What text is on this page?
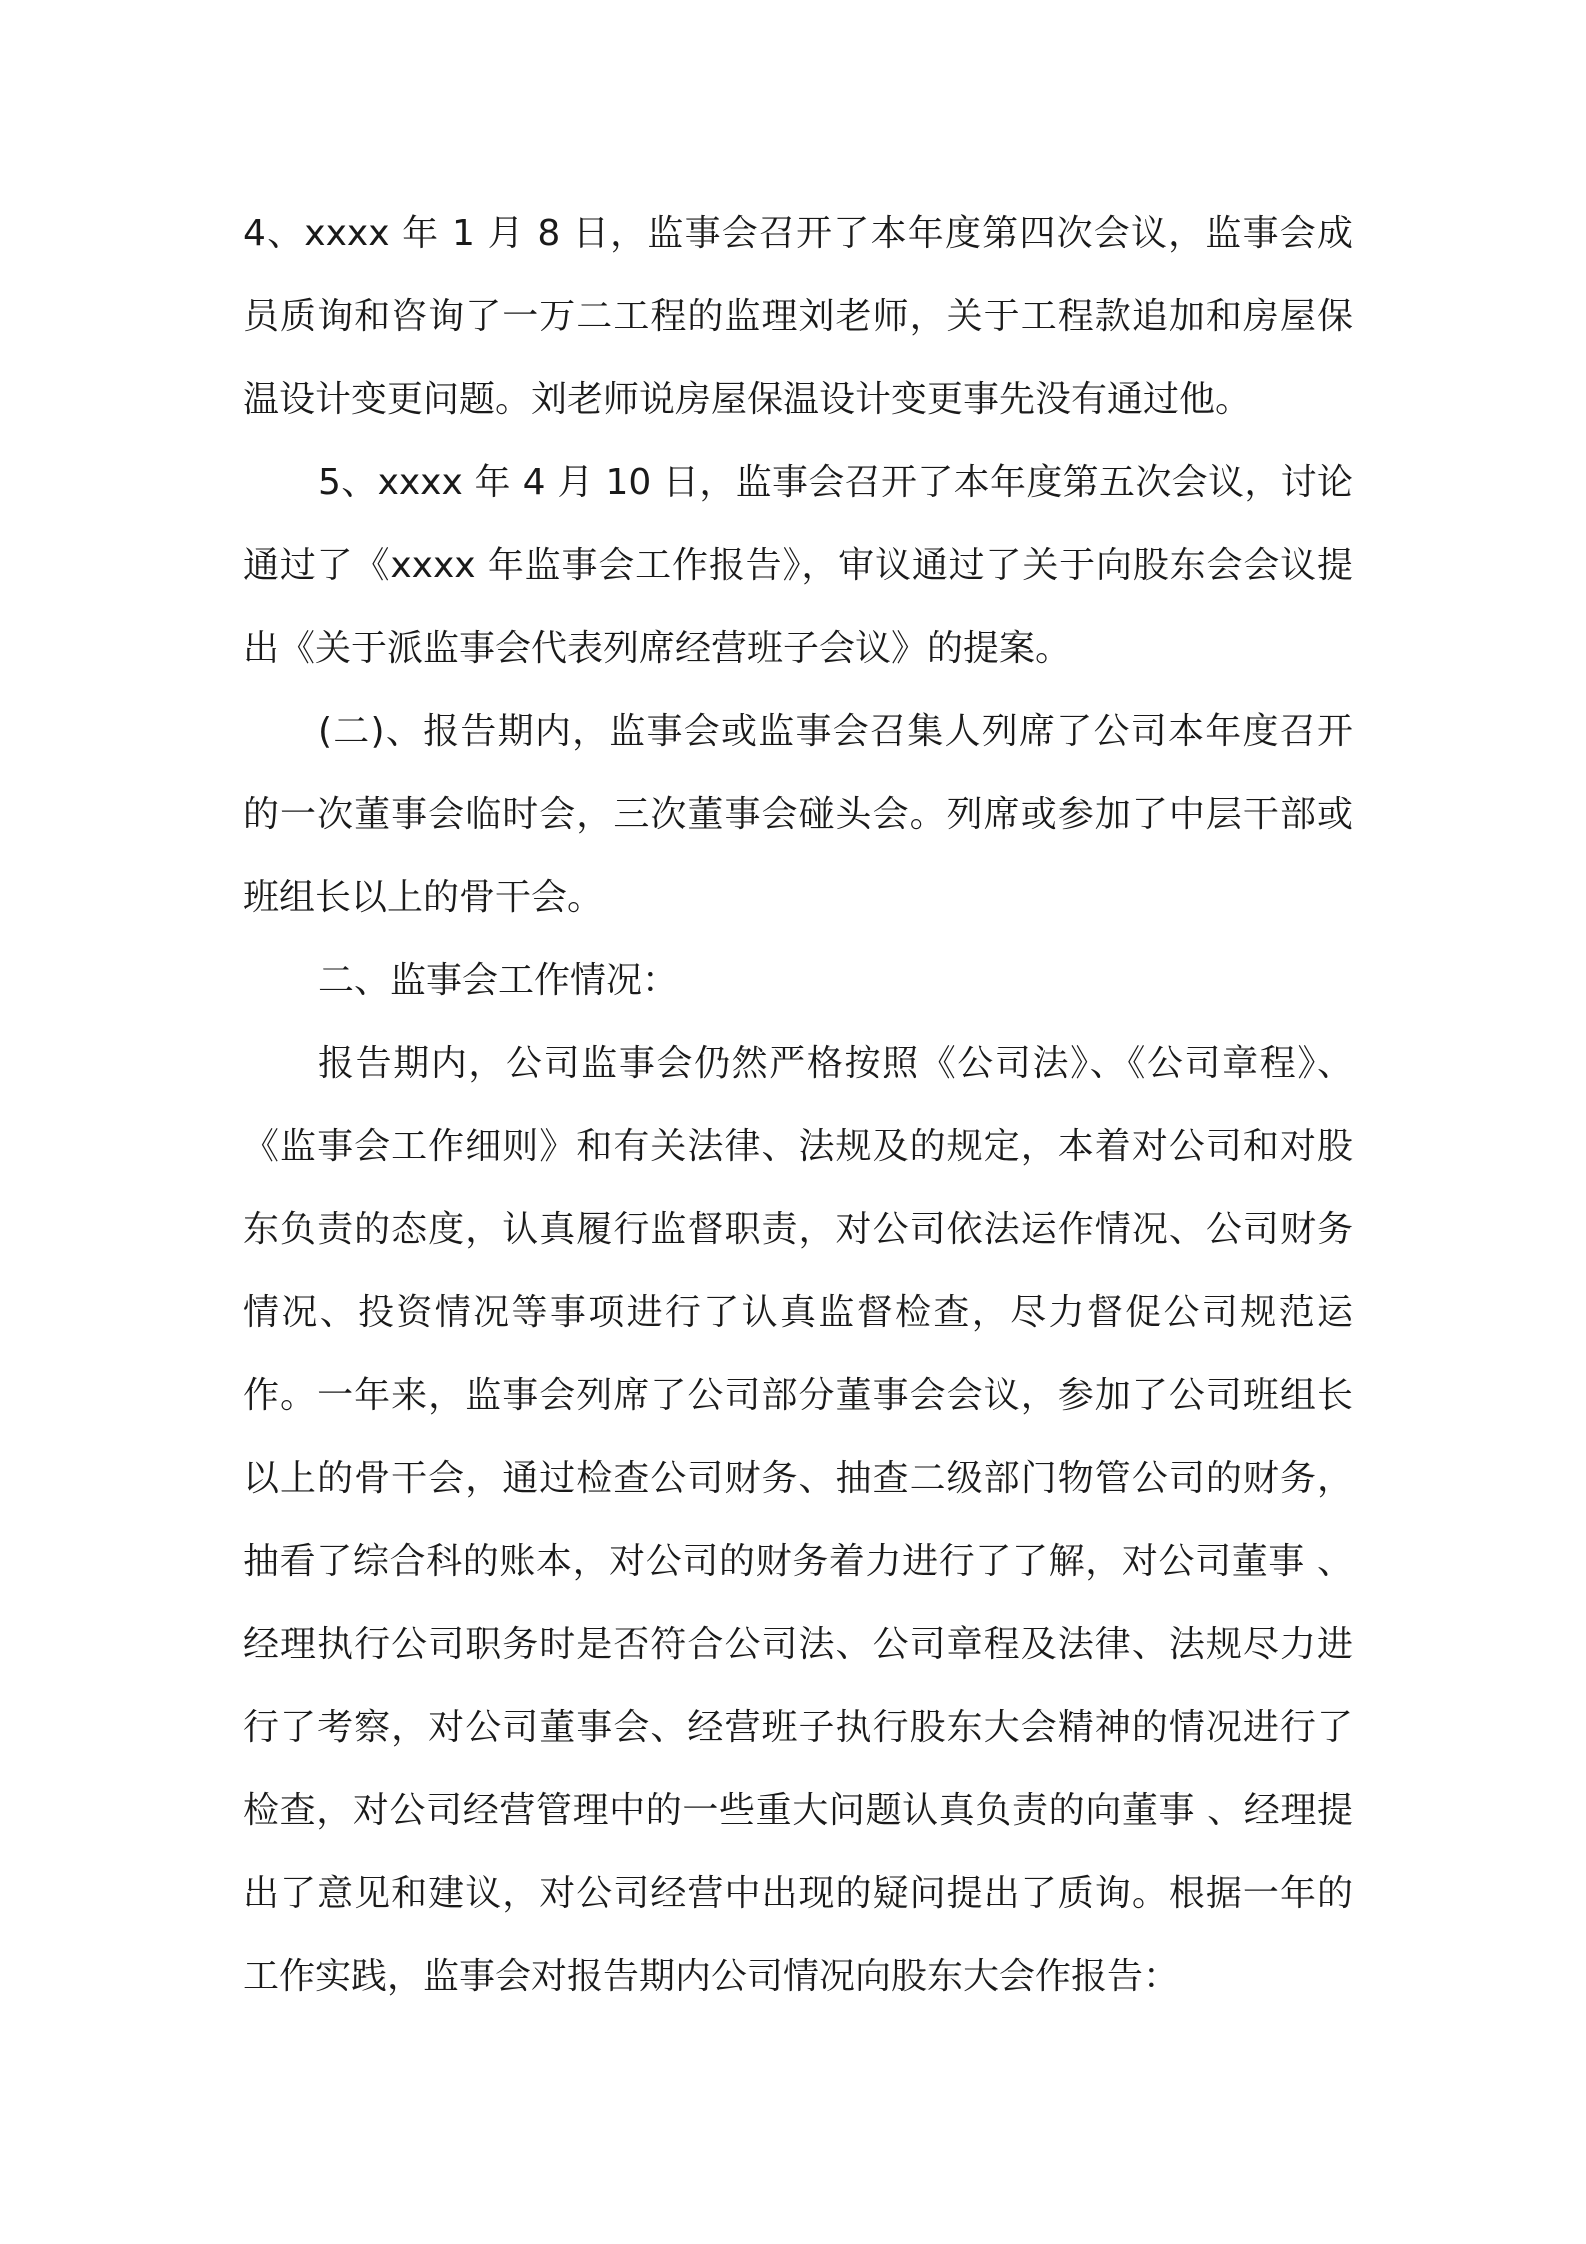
4、xxxx 年 1 月 8 日，监事会召开了本年度第四次会议，监事会成员质询和咨询了一万二工程的监理刘老师，关于工程款追加和房屋保温设计变更问题。刘老师说房屋保温设计变更事先没有通过他。

5、xxxx 年 4 月 10 日，监事会召开了本年度第五次会议，讨论通过了《xxxx 年监事会工作报告》，审议通过了关于向股东会会议提出《关于派监事会代表列席经营班子会议》的提案。

(二)、报告期内，监事会或监事会召集人列席了公司本年度召开的一次董事会临时会，三次董事会碰头会。列席或参加了中层干部或班组长以上的骨干会。

二、监事会工作情况：

报告期内，公司监事会仍然严格按照《公司法》、《公司章程》、《监事会工作细则》和有关法律、法规及的规定，本着对公司和对股东负责的态度，认真履行监督职责，对公司依法运作情况、公司财务情况、投资情况等事项进行了认真监督检查，尽力督促公司规范运作。一年来，监事会列席了公司部分董事会会议，参加了公司班组长以上的骨干会，通过检查公司财务、抽查二级部门物管公司的财务，抽看了综合科的账本，对公司的财务着力进行了了解，对公司董事 、经理执行公司职务时是否符合公司法、公司章程及法律、法规尽力进行了考察，对公司董事会、经营班子执行股东大会精神的情况进行了检查，对公司经营管理中的一些重大问题认真负责的向董事 、经理提出了意见和建议，对公司经营中出现的疑问提出了质询。根据一年的工作实践，监事会对报告期内公司情况向股东大会作报告：
